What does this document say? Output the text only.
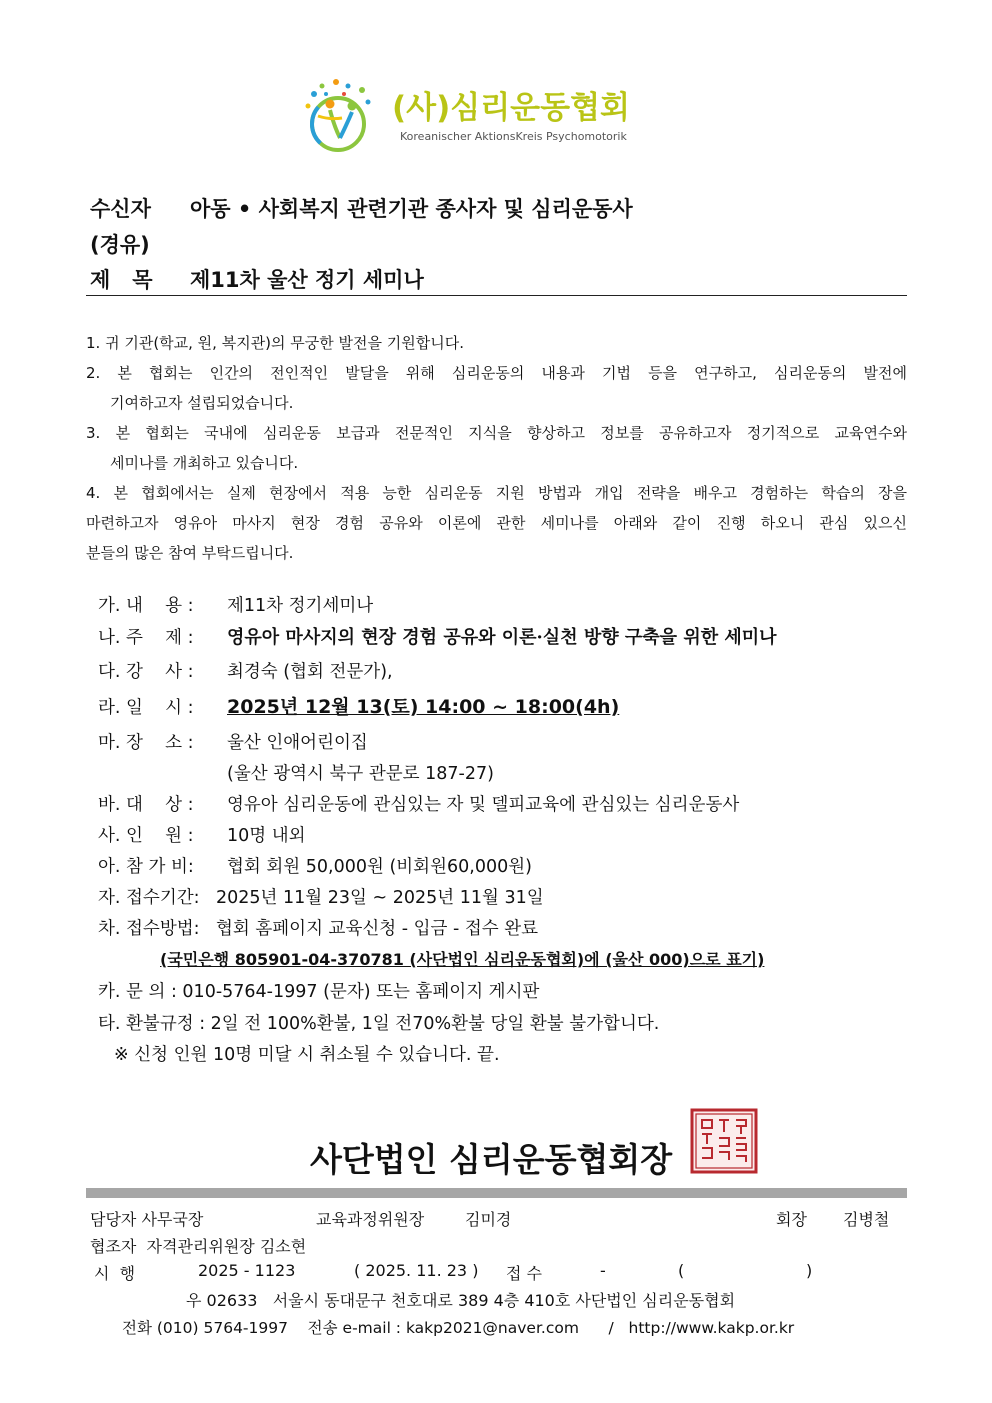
(사)심리운동협회
Koreanischer AktionsKreis Psychomotorik
수신자 아동 • 사회복지 관련기관 종사자 및 심리운동사
(경유)
제   목 제11차 울산 정기 세미나
1. 귀 기관(학교, 원, 복지관)의 무궁한 발전을 기원합니다.
2. 본 협회는 인간의 전인적인 발달을 위해 심리운동의 내용과 기법 등을 연구하고, 심리운동의 발전에
기여하고자 설립되었습니다.
3. 본 협회는 국내에 심리운동 보급과 전문적인 지식을 향상하고 정보를 공유하고자 정기적으로 교육연수와
세미나를 개최하고 있습니다.
4. 본 협회에서는 실제 현장에서 적용 능한 심리운동 지원 방법과 개입 전략을 배우고 경험하는 학습의 장을
마련하고자 영유아 마사지 현장 경험 공유와 이론에 관한 세미나를 아래와 같이 진행 하오니 관심 있으신
분들의 많은 참여 부탁드립니다.
가. 내    용 : 제11차 정기세미나
나. 주    제 : 영유아 마사지의 현장 경험 공유와 이론·실천 방향 구축을 위한 세미나
다. 강    사 : 최경숙 (협회 전문가),
라. 일    시 : 2025년 12월 13(토) 14:00 ~ 18:00(4h)
마. 장    소 : 울산 인애어린이집
(울산 광역시 북구 관문로 187-27)
바. 대    상 : 영유아 심리운동에 관심있는 자 및 델피교육에 관심있는 심리운동사
사. 인    원 : 10명 내외
아. 참 가 비: 협회 회원 50,000원 (비회원60,000원)
자. 접수기간: 2025년 11월 23일 ~ 2025년 11월 31일
차. 접수방법: 협회 홈페이지 교육신청 - 입금 - 접수 완료
(국민은행 805901-04-370781 (사단법인 심리운동협회)에 (울산 000)으로 표기)
카. 문 의 : 010-5764-1997 (문자) 또는 홈페이지 게시판
타. 환불규정 : 2일 전 100%환불, 1일 전70%환불 당일 환불 불가합니다.
※ 신청 인원 10명 미달 시 취소될 수 있습니다. 끝.
사단법인 심리운동협회장
담당자 사무국장	교육과정위원장	김미경	회장 김병철
협조자  자격관리위원장 김소현
시  행	2025 - 1123	( 2025. 11. 23 ) 접 수	-	(	)
우 02633   서울시 동대문구 천호대로 389 4층 410호 사단법인 심리운동협회
전화 (010) 5764-1997    전송 e-mail : kakp2021@naver.com      /   http://www.kakp.or.kr
